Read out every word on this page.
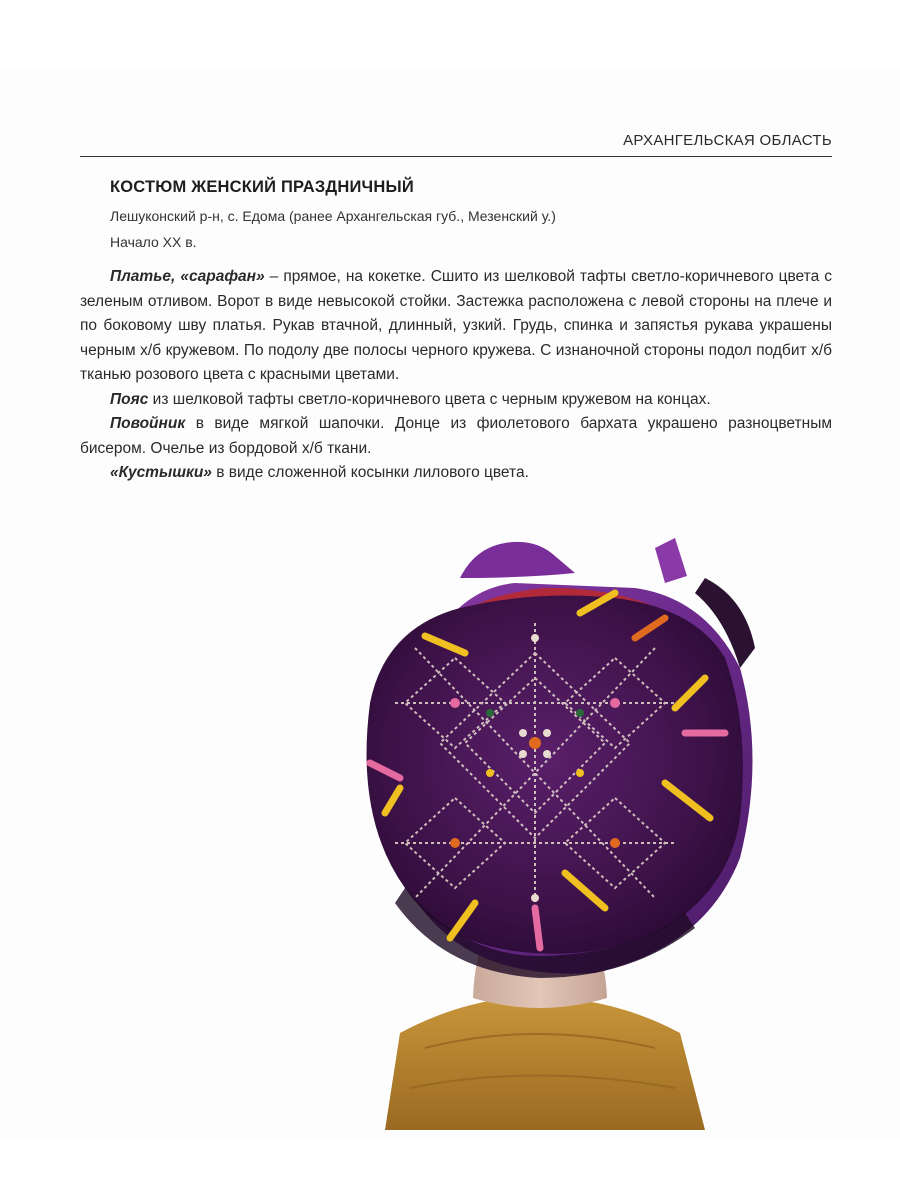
АРХАНГЕЛЬСКАЯ ОБЛАСТЬ
КОСТЮМ ЖЕНСКИЙ ПРАЗДНИЧНЫЙ
Лешуконский р-н, с. Едома (ранее Архангельская губ., Мезенский у.)
Начало XX в.

Платье, «сарафан» – прямое, на кокетке. Сшито из шелковой тафты светло-коричневого цвета с зеленым отливом. Ворот в виде невысокой стойки. Застежка расположена с левой стороны на плече и по боковому шву платья. Рукав втачной, длинный, узкий. Грудь, спинка и запястья рукава украшены черным х/б кружевом. По подолу две полосы черного кружева. С изнаночной стороны подол подбит х/б тканью розового цвета с красными цветами.

Пояс из шелковой тафты светло-коричневого цвета с черным кружевом на концах.

Повойник в виде мягкой шапочки. Донце из фиолетового бархата украшено разноцветным бисером. Очелье из бордовой х/б ткани.

«Кустышки» в виде сложенной косынки лилового цвета.
